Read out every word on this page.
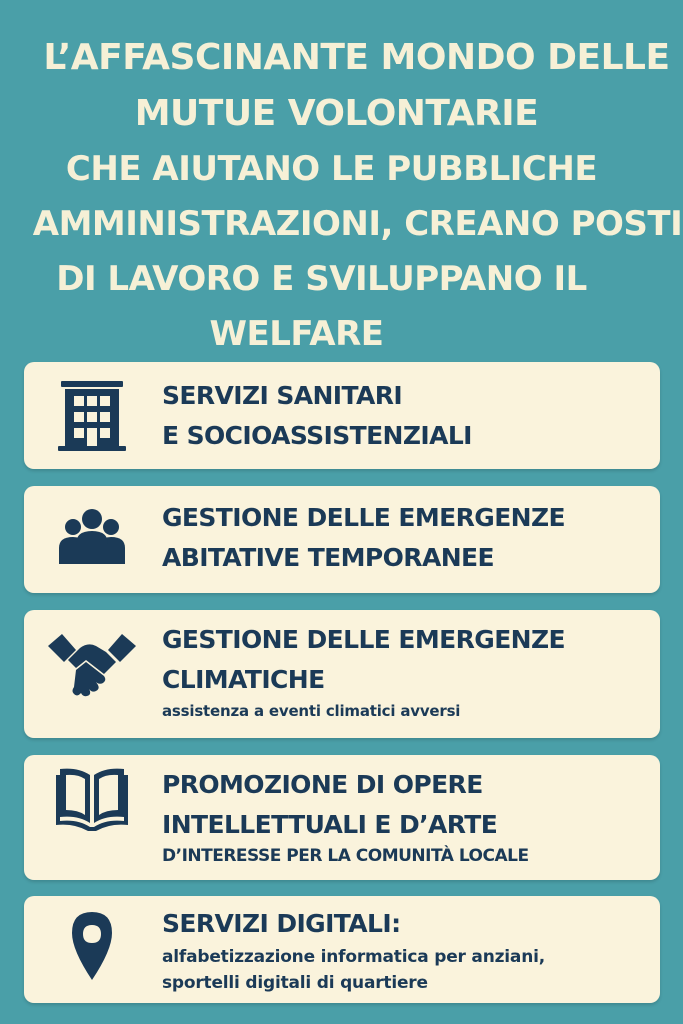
L’AFFASCINANTE MONDO DELLE
MUTUE VOLONTARIE
CHE AIUTANO LE PUBBLICHE
AMMINISTRAZIONI, CREANO POSTI
DI LAVORO E SVILUPPANO IL
WELFARE
SERVIZI SANITARI
E SOCIOASSISTENZIALI
GESTIONE DELLE EMERGENZE
ABITATIVE TEMPORANEE
GESTIONE DELLE EMERGENZE
CLIMATICHE
assistenza a eventi climatici avversi
PROMOZIONE DI OPERE
INTELLETTUALI E D’ARTE
D’INTERESSE PER LA COMUNITÀ LOCALE
SERVIZI DIGITALI:
alfabetizzazione informatica per anziani,
sportelli digitali di quartiere
